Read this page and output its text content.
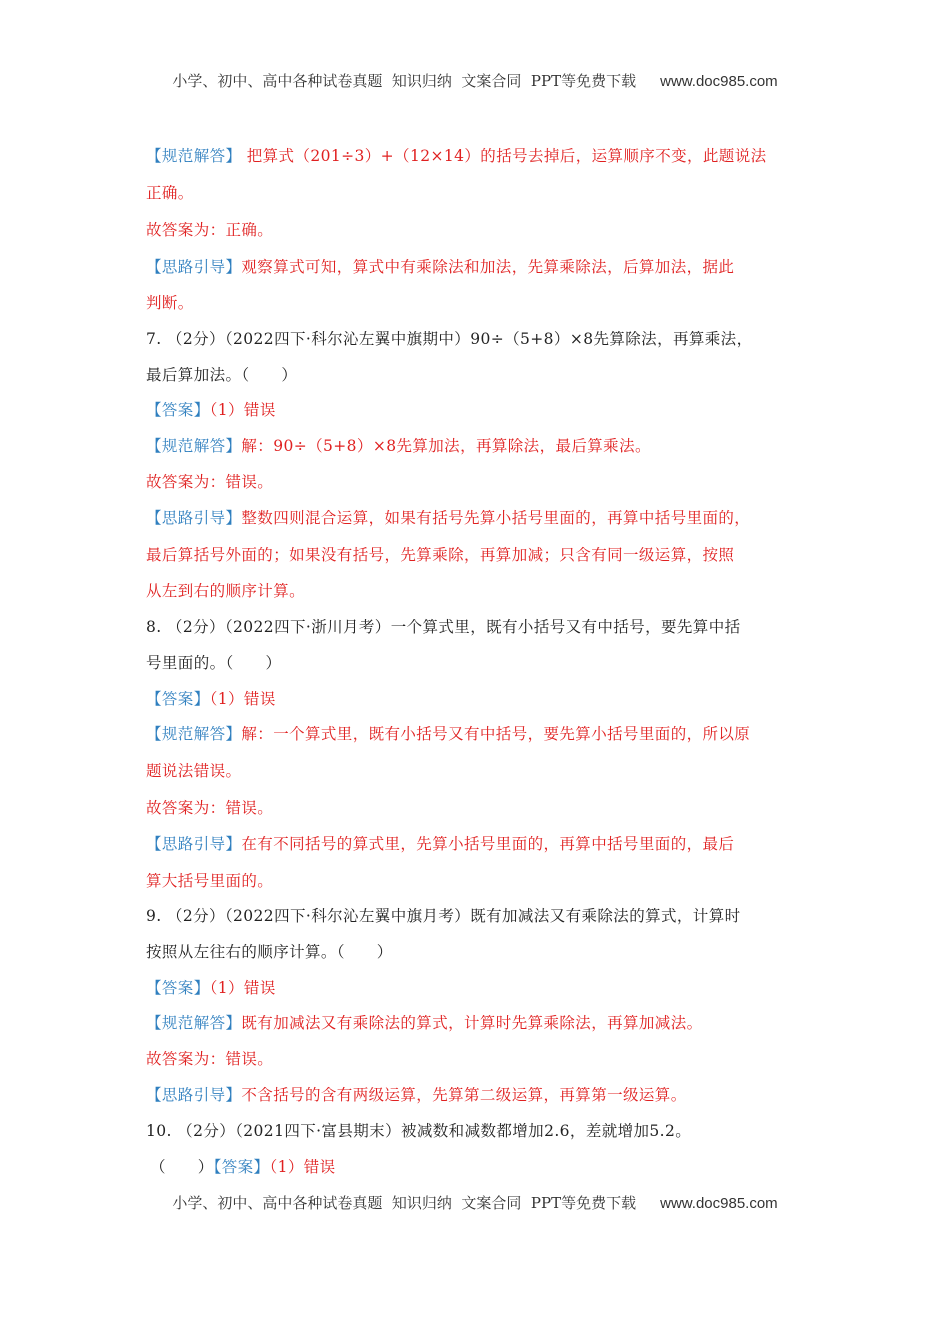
小学、初中、高中各种试卷真题  知识归纳  文案合同  PPT等免费下载 www.doc985.com
【规范解答】 把算式（201÷3）+（12×14）的括号去掉后，运算顺序不变，此题说法
正确。
故答案为：正确。
【思路引导】观察算式可知，算式中有乘除法和加法，先算乘除法，后算加法，据此
判断。
7. （2分）（2022四下·科尔沁左翼中旗期中）90÷（5+8）×8先算除法，再算乘法，
最后算加法。（　　）
【答案】（1）错误
【规范解答】解：90÷（5+8）×8先算加法，再算除法，最后算乘法。
故答案为：错误。
【思路引导】整数四则混合运算，如果有括号先算小括号里面的，再算中括号里面的，
最后算括号外面的；如果没有括号，先算乘除，再算加减；只含有同一级运算，按照
从左到右的顺序计算。
8. （2分）（2022四下·浙川月考）一个算式里，既有小括号又有中括号，要先算中括
号里面的。（　　）
【答案】（1）错误
【规范解答】解：一个算式里，既有小括号又有中括号，要先算小括号里面的，所以原
题说法错误。
故答案为：错误。
【思路引导】在有不同括号的算式里，先算小括号里面的，再算中括号里面的，最后
算大括号里面的。
9. （2分）（2022四下·科尔沁左翼中旗月考）既有加减法又有乘除法的算式，计算时
按照从左往右的顺序计算。（　　）
【答案】（1）错误
【规范解答】既有加减法又有乘除法的算式，计算时先算乘除法，再算加减法。
故答案为：错误。
【思路引导】不含括号的含有两级运算，先算第二级运算，再算第一级运算。
10. （2分）（2021四下·富县期末）被减数和减数都增加2.6，差就增加5.2。
（　　）【答案】（1）错误
小学、初中、高中各种试卷真题  知识归纳  文案合同  PPT等免费下载 www.doc985.com
